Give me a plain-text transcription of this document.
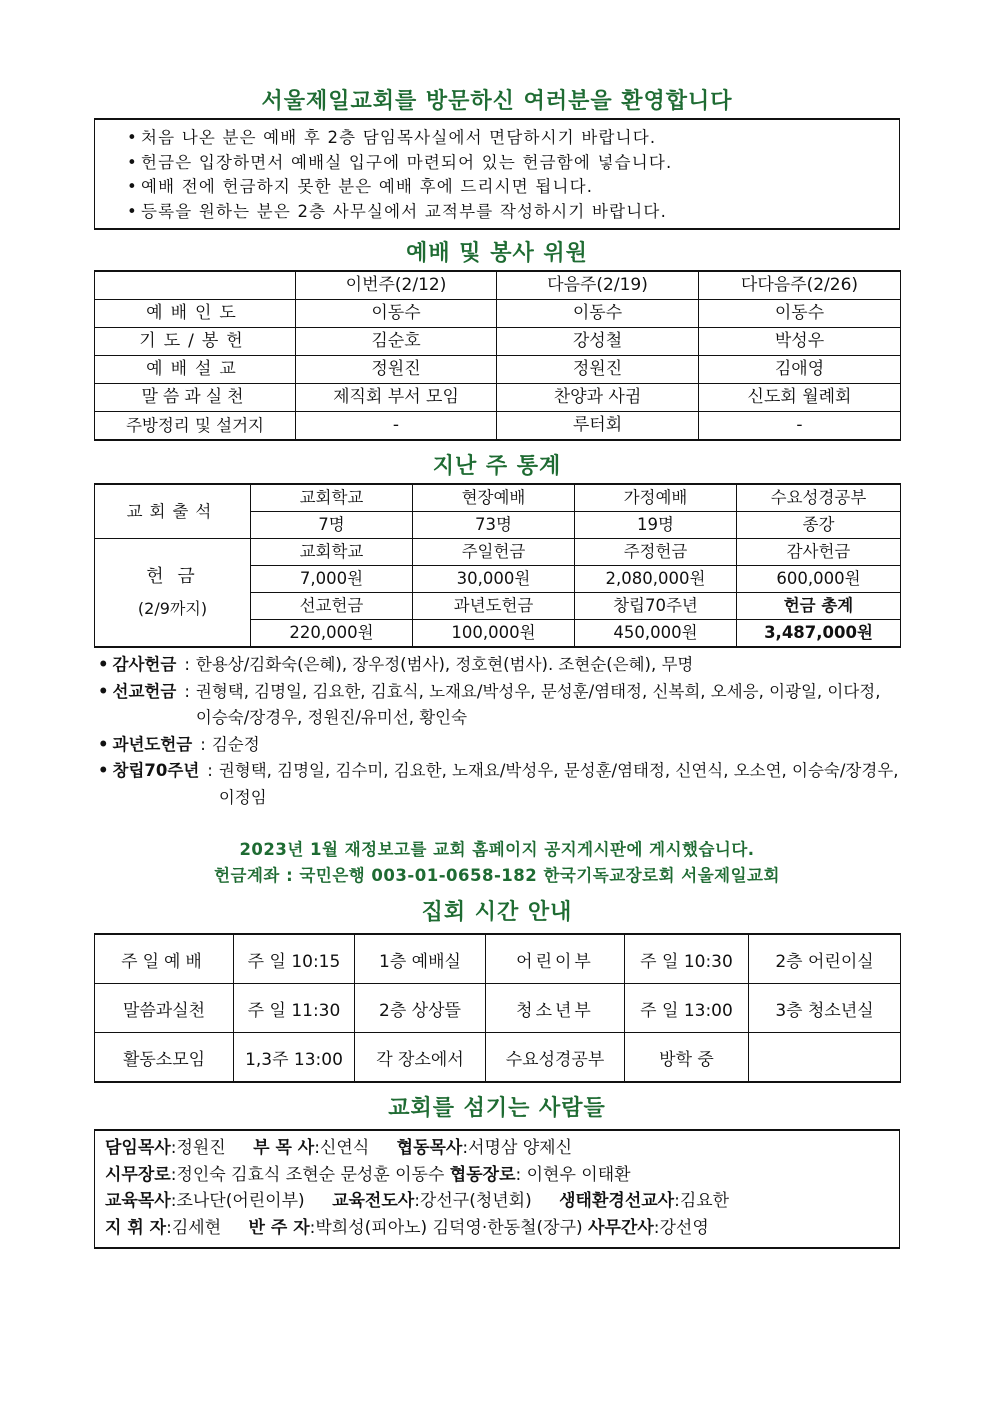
서울제일교회를 방문하신 여러분을 환영합니다
• 처음 나온 분은 예배 후 2층 담임목사실에서 면담하시기 바랍니다.
• 헌금은 입장하면서 예배실 입구에 마련되어 있는 헌금함에 넣습니다.
• 예배 전에 헌금하지 못한 분은 예배 후에 드리시면 됩니다.
• 등록을 원하는 분은 2층 사무실에서 교적부를 작성하시기 바랍니다.
예배 및 봉사 위원
	이번주(2/12)	다음주(2/19)	다다음주(2/26)
예배인도	이동수	이동수	이동수
기도/봉헌	김순호	강성철	박성우
예배설교	정원진	정원진	김애영
말씀과실천	제직회 부서 모임	찬양과 사귐	신도회 월례회
주방정리 및 설거지	-	루터회	-
지난 주 통계
교회출석	교회학교	현장예배	가정예배	수요성경공부
	7명	73명	19명	종강

헌 금
(2/9까지)	교회학교	주일헌금	주정헌금	감사헌금
	7,000원	30,000원	2,080,000원	600,000원
	선교헌금	과년도헌금	창립70주년	헌금 총계
	220,000원	100,000원	450,000원	3,487,000원
• 감사헌금 : 한용상/김화숙(은혜), 장우정(범사), 정호현(범사). 조현순(은혜), 무명
• 선교헌금 : 권형택, 김명일, 김요한, 김효식, 노재요/박성우, 문성훈/염태정, 신복희, 오세응, 이광일, 이다정, 이승숙/장경우, 정원진/유미선, 황인숙
• 과년도헌금 : 김순정
• 창립70주년 : 권형택, 김명일, 김수미, 김요한, 노재요/박성우, 문성훈/염태정, 신연식, 오소연, 이승숙/장경우, 이정임
2023년 1월 재정보고를 교회 홈페이지 공지게시판에 게시했습니다.
헌금계좌 : 국민은행 003-01-0658-182 한국기독교장로회 서울제일교회
집회 시간 안내
주일예배	주 일 10:15	1층 예배실	어린이부	주 일 10:30	2층 어린이실
말씀과실천	주 일 11:30	2층 상상뜰	청소년부	주 일 13:00	3층 청소년실
활동소모임	1,3주 13:00	각 장소에서	수요성경공부	방학 중	
교회를 섬기는 사람들
담임목사:정원진 부 목 사:신연식 협동목사:서명삼 양제신
시무장로:정인숙 김효식 조현순 문성훈 이동수 협동장로: 이현우 이태환
교육목사:조나단(어린이부) 교육전도사:강선구(청년회) 생태환경선교사:김요한
지 휘 자:김세현 반 주 자:박희성(피아노) 김덕영·한동철(장구) 사무간사:강선영
